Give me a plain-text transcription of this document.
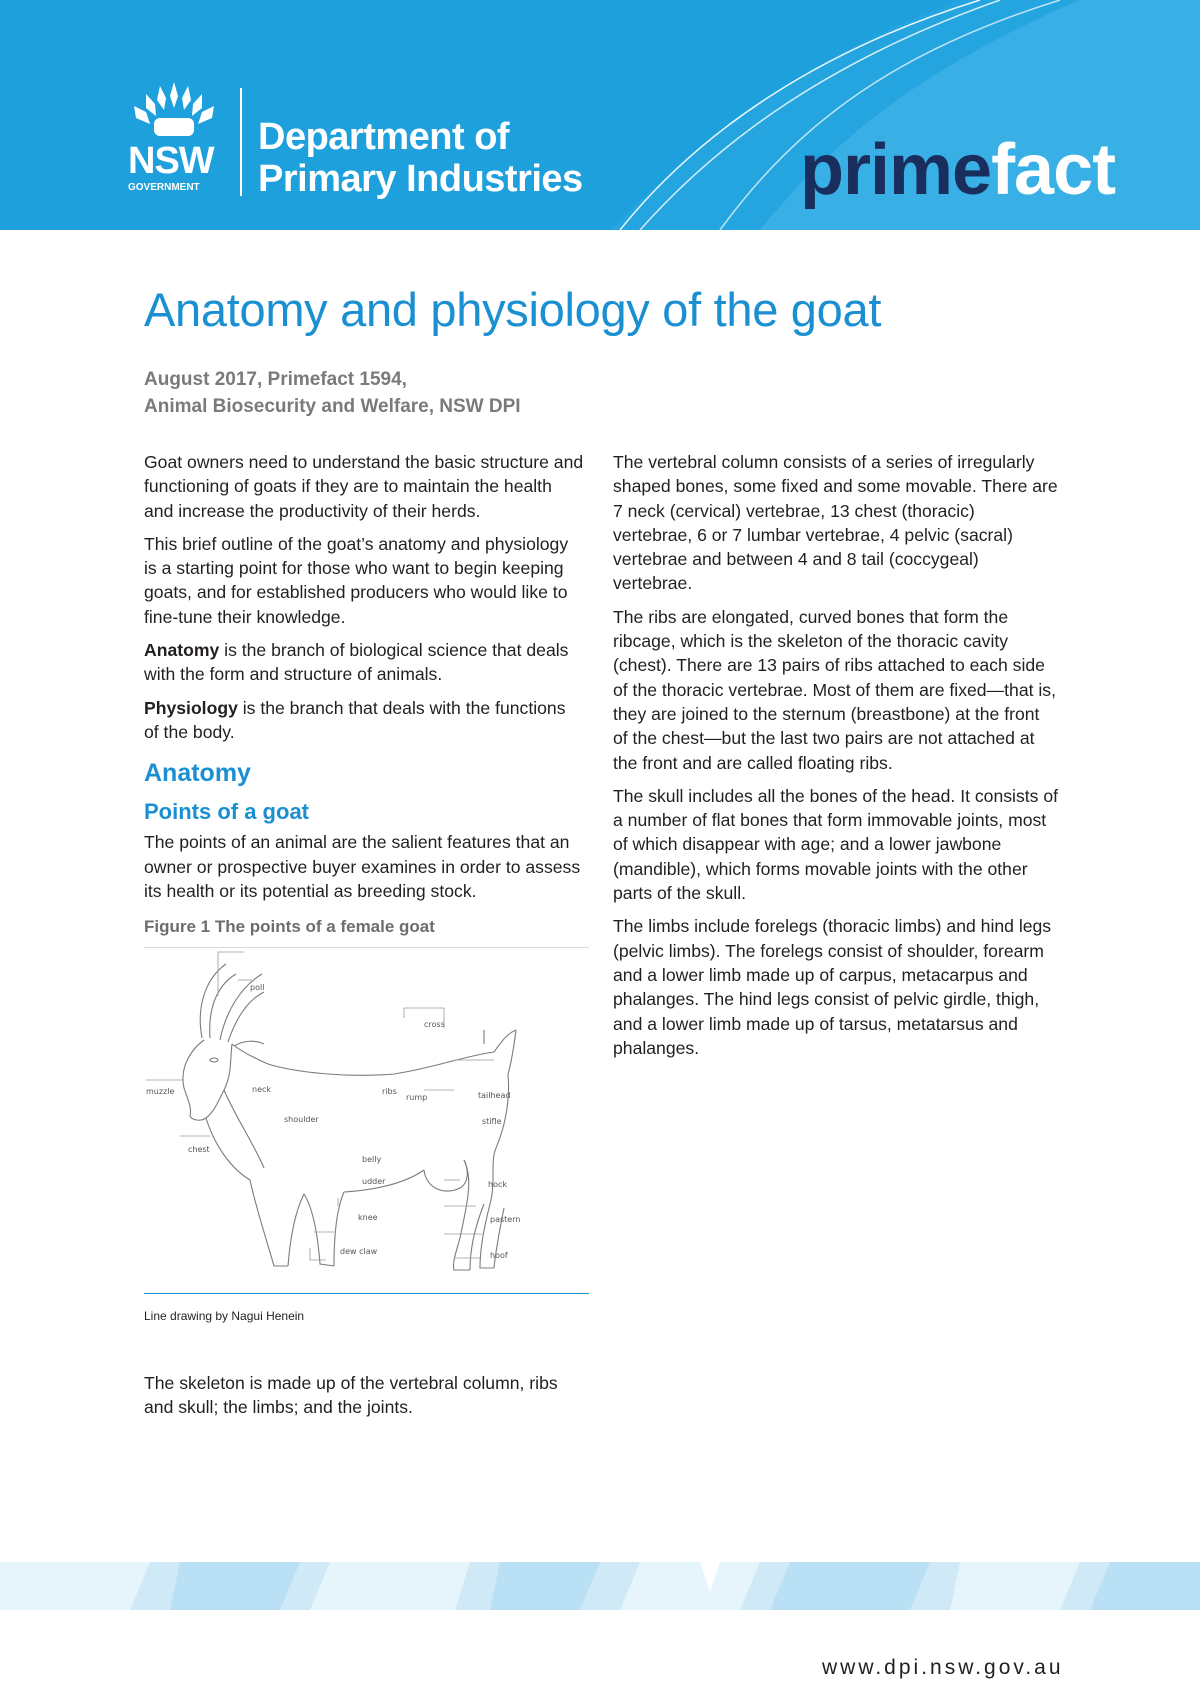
NSW
GOVERNMENT
Department of
Primary Industries	primefact
Anatomy and physiology of the goat
August 2017, Primefact 1594,
Animal Biosecurity and Welfare, NSW DPI

Goat owners need to understand the basic structure and functioning of goats if they are to maintain the health and increase the productivity of their herds.

This brief outline of the goat’s anatomy and physiology is a starting point for those who want to begin keeping goats, and for established producers who would like to fine-tune their knowledge.

Anatomy is the branch of biological science that deals with the form and structure of animals.

Physiology is the branch that deals with the functions of the body.

Anatomy
Points of a goat

The points of an animal are the salient features that an owner or prospective buyer examines in order to assess its health or its potential as breeding stock.

Figure 1 The points of a female goat
poll
cross
neck	ribs
muzzle
rump	tailhead
stifle
shoulder
chest
belly
udder	hock
knee	pastern
dew claw	hoof
Line drawing by Nagui Henein

The skeleton is made up of the vertebral column, ribs and skull; the limbs; and the joints.

The vertebral column consists of a series of irregularly shaped bones, some fixed and some movable. There are 7 neck (cervical) vertebrae, 13 chest (thoracic) vertebrae, 6 or 7 lumbar vertebrae, 4 pelvic (sacral) vertebrae and between 4 and 8 tail (coccygeal) vertebrae.

The ribs are elongated, curved bones that form the ribcage, which is the skeleton of the thoracic cavity (chest). There are 13 pairs of ribs attached to each side of the thoracic vertebrae. Most of them are fixed—that is, they are joined to the sternum (breastbone) at the front of the chest—but the last two pairs are not attached at the front and are called floating ribs.

The skull includes all the bones of the head. It consists of a number of flat bones that form immovable joints, most of which disappear with age; and a lower jawbone (mandible), which forms movable joints with the other parts of the skull.

The limbs include forelegs (thoracic limbs) and hind legs (pelvic limbs). The forelegs consist of shoulder, forearm and a lower limb made up of carpus, metacarpus and phalanges. The hind legs consist of pelvic girdle, thigh, and a lower limb made up of tarsus, metatarsus and phalanges.

www.dpi.nsw.gov.au
